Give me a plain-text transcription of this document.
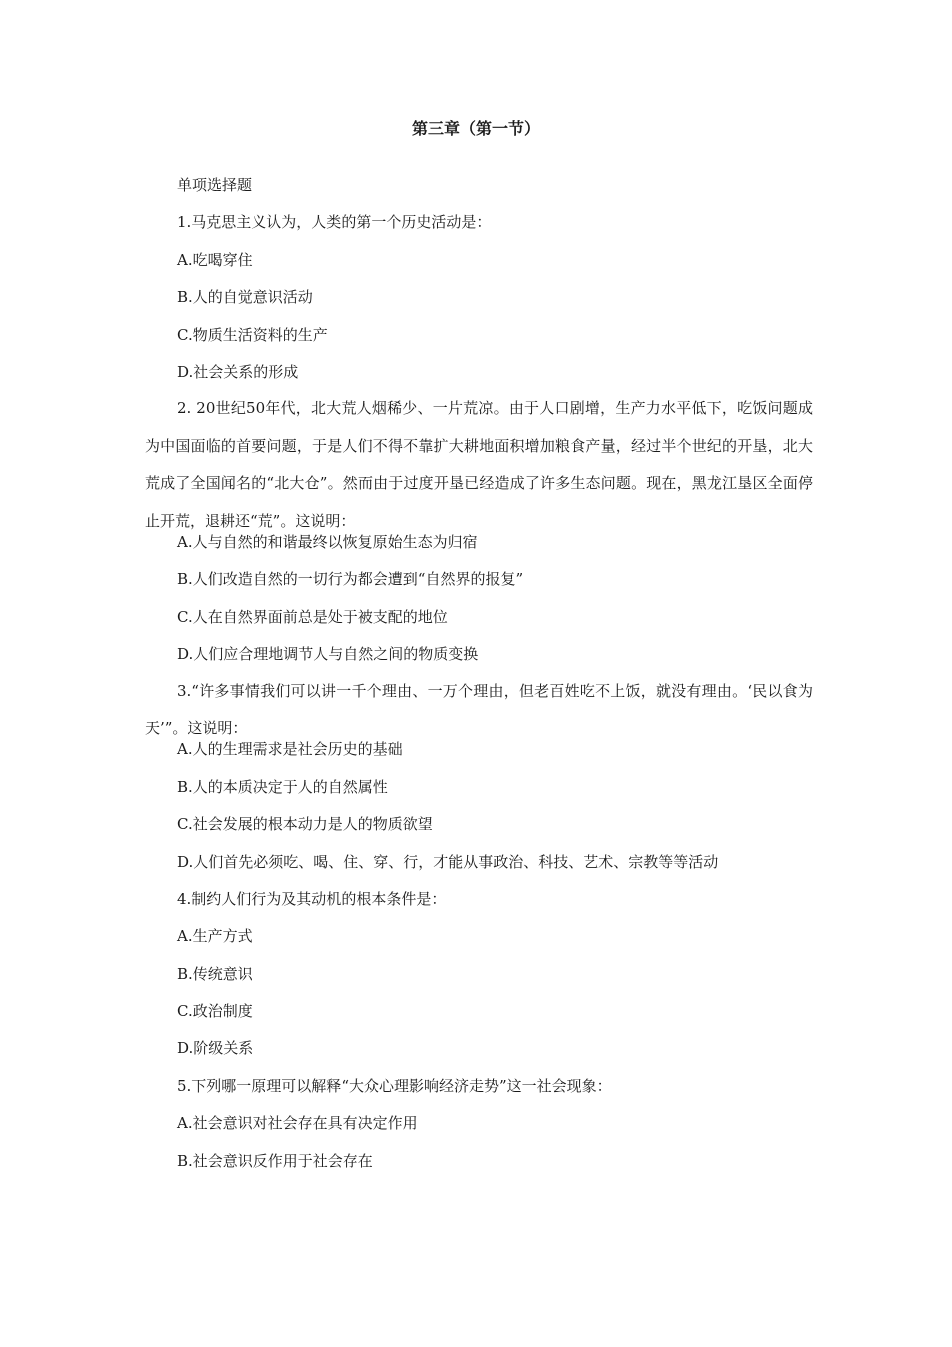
第三章（第一节）
单项选择题
1.马克思主义认为，人类的第一个历史活动是：
A.吃喝穿住
B.人的自觉意识活动
C.物质生活资料的生产
D.社会关系的形成
2. 20世纪50年代，北大荒人烟稀少、一片荒凉。由于人口剧增，生产力水平低下，吃饭问题成为中国面临的首要问题，于是人们不得不靠扩大耕地面积增加粮食产量，经过半个世纪的开垦，北大荒成了全国闻名的“北大仓”。然而由于过度开垦已经造成了许多生态问题。现在，黑龙江垦区全面停止开荒，退耕还“荒”。这说明：
A.人与自然的和谐最终以恢复原始生态为归宿
B.人们改造自然的一切行为都会遭到“自然界的报复”
C.人在自然界面前总是处于被支配的地位
D.人们应合理地调节人与自然之间的物质变换
3.“许多事情我们可以讲一千个理由、一万个理由，但老百姓吃不上饭，就没有理由。‘民以食为天’”。这说明：
A.人的生理需求是社会历史的基础
B.人的本质决定于人的自然属性
C.社会发展的根本动力是人的物质欲望
D.人们首先必须吃、喝、住、穿、行，才能从事政治、科技、艺术、宗教等等活动
4.制约人们行为及其动机的根本条件是：
A.生产方式
B.传统意识
C.政治制度
D.阶级关系
5.下列哪一原理可以解释“大众心理影响经济走势”这一社会现象：
A.社会意识对社会存在具有决定作用
B.社会意识反作用于社会存在
